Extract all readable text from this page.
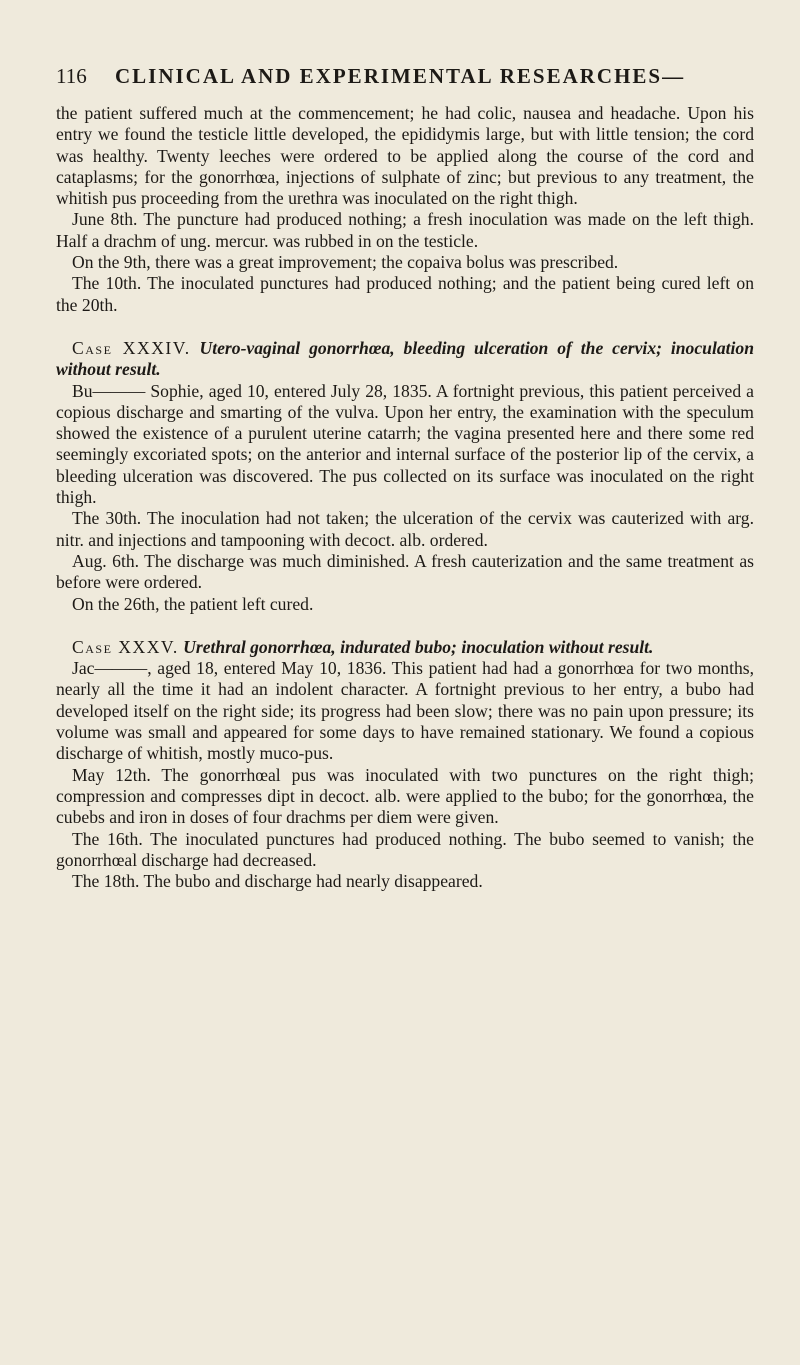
116 CLINICAL AND EXPERIMENTAL RESEARCHES—

the patient suffered much at the commencement; he had colic, nausea and headache. Upon his entry we found the testicle little developed, the epididymis large, but with little tension; the cord was healthy. Twenty leeches were ordered to be applied along the course of the cord and cataplasms; for the gonorrhœa, injections of sulphate of zinc; but previous to any treatment, the whitish pus proceeding from the urethra was inoculated on the right thigh.

June 8th. The puncture had produced nothing; a fresh inoculation was made on the left thigh. Half a drachm of ung. mercur. was rubbed in on the testicle.

On the 9th, there was a great improvement; the copaiva bolus was prescribed.

The 10th. The inoculated punctures had produced nothing; and the patient being cured left on the 20th.

Case XXXIV. Utero-vaginal gonorrhœa, bleeding ulceration of the cervix; inoculation without result.

Bu——— Sophie, aged 10, entered July 28, 1835. A fortnight previous, this patient perceived a copious discharge and smarting of the vulva. Upon her entry, the examination with the speculum showed the existence of a purulent uterine catarrh; the vagina presented here and there some red seemingly excoriated spots; on the anterior and internal surface of the posterior lip of the cervix, a bleeding ulceration was discovered. The pus collected on its surface was inoculated on the right thigh.

The 30th. The inoculation had not taken; the ulceration of the cervix was cauterized with arg. nitr. and injections and tampooning with decoct. alb. ordered.

Aug. 6th. The discharge was much diminished. A fresh cauterization and the same treatment as before were ordered.

On the 26th, the patient left cured.

Case XXXV. Urethral gonorrhœa, indurated bubo; inoculation without result.

Jac———, aged 18, entered May 10, 1836. This patient had had a gonorrhœa for two months, nearly all the time it had an indolent character. A fortnight previous to her entry, a bubo had developed itself on the right side; its progress had been slow; there was no pain upon pressure; its volume was small and appeared for some days to have remained stationary. We found a copious discharge of whitish, mostly muco-pus.

May 12th. The gonorrhœal pus was inoculated with two punctures on the right thigh; compression and compresses dipt in decoct. alb. were applied to the bubo; for the gonorrhœa, the cubebs and iron in doses of four drachms per diem were given.

The 16th. The inoculated punctures had produced nothing. The bubo seemed to vanish; the gonorrhœal discharge had decreased.

The 18th. The bubo and discharge had nearly disappeared.
